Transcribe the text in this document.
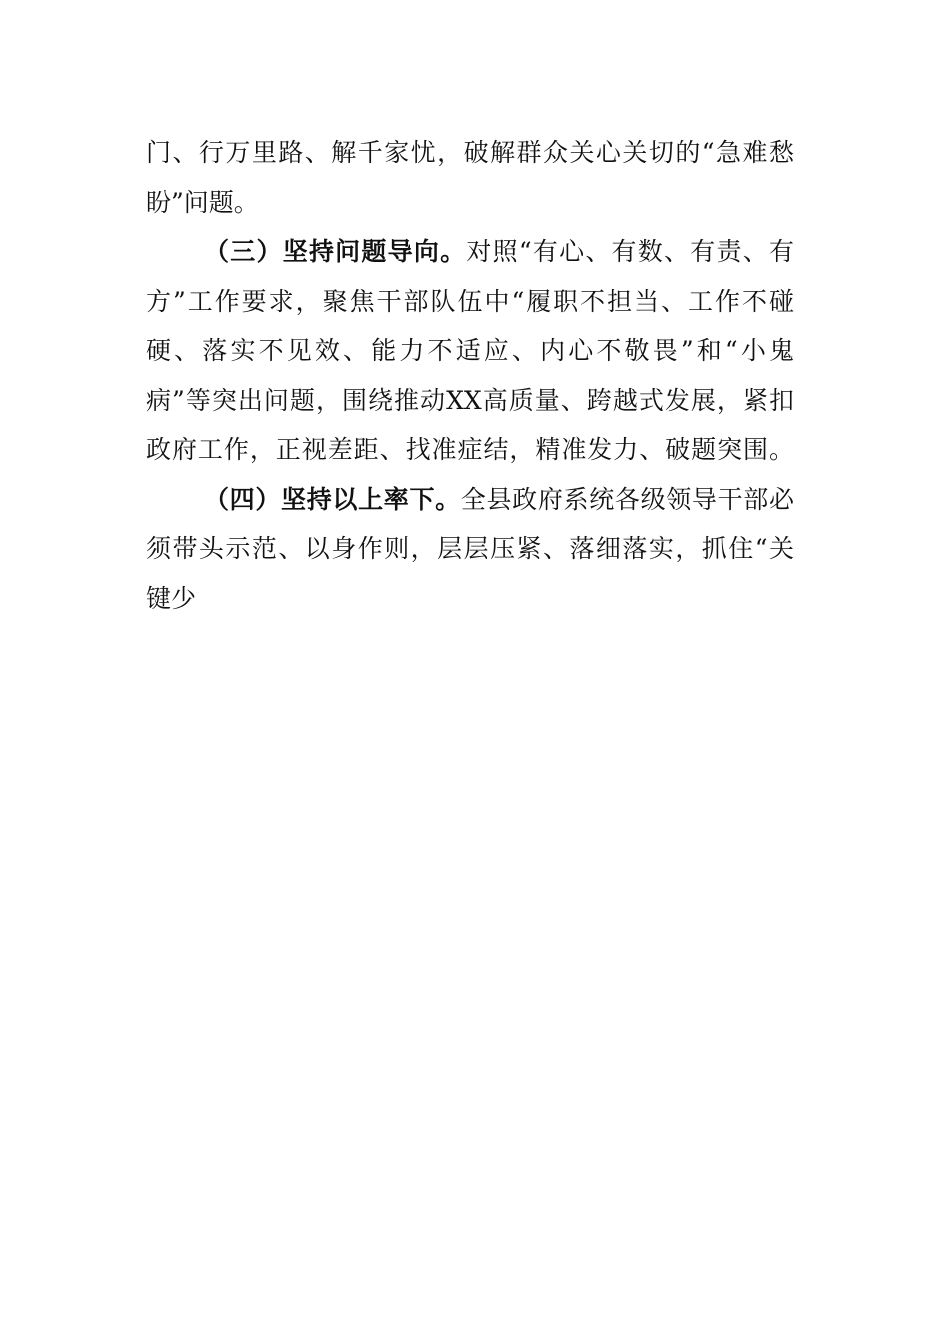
门、行万里路、解千家忧，破解群众关心关切的“急难愁
盼”问题。
（三）坚持问题导向。对照“有心、有数、有责、有
方”工作要求，聚焦干部队伍中“履职不担当、工作不碰
硬、落实不见效、能力不适应、内心不敬畏”和“小鬼
病”等突出问题，围绕推动XX高质量、跨越式发展，紧扣
政府工作，正视差距、找准症结，精准发力、破题突围。
（四）坚持以上率下。全县政府系统各级领导干部必
须带头示范、以身作则，层层压紧、落细落实，抓住“关
键少
